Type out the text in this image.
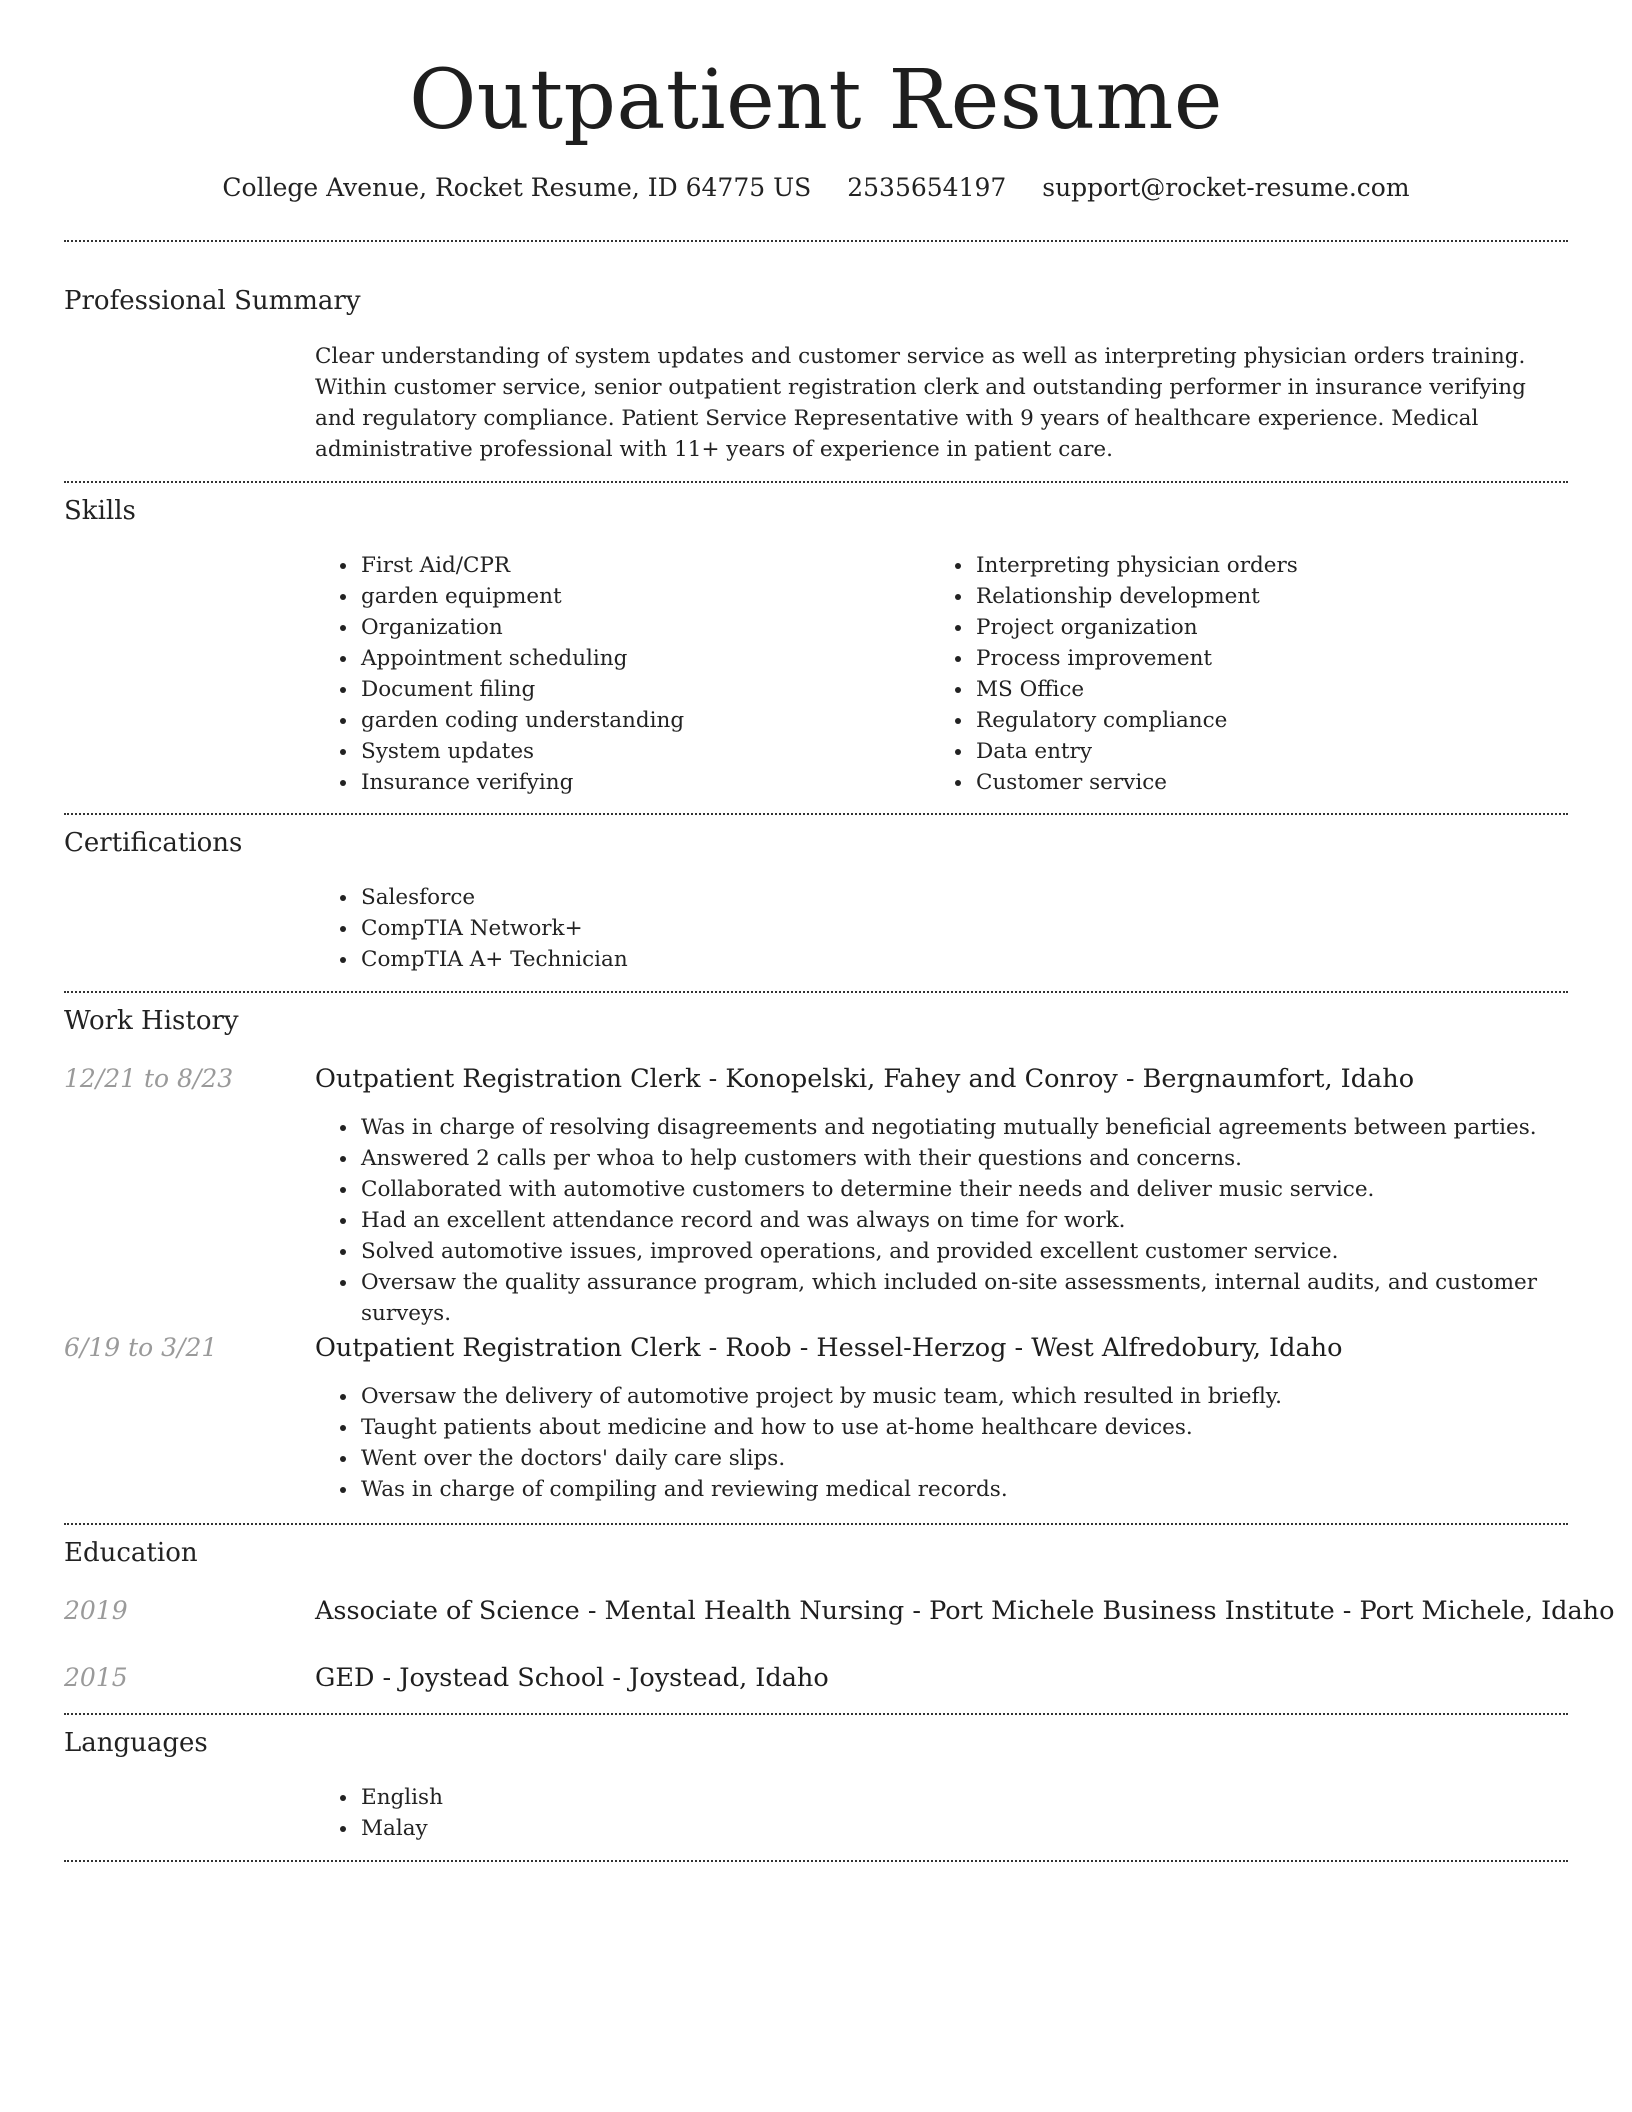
Outpatient Resume
College Avenue, Rocket Resume, ID 64775 US 2535654197 support@rocket-resume.com
Professional Summary

Clear understanding of system updates and customer service as well as interpreting physician orders training. Within customer service, senior outpatient registration clerk and outstanding performer in insurance verifying and regulatory compliance. Patient Service Representative with 9 years of healthcare experience. Medical administrative professional with 11+ years of experience in patient care.

Skills
• First Aid/CPR
• garden equipment
• Organization
• Appointment scheduling
• Document filing
• garden coding understanding
• System updates
• Insurance verifying
• Interpreting physician orders
• Relationship development
• Project organization
• Process improvement
• MS Office
• Regulatory compliance
• Data entry
• Customer service
Certifications
• Salesforce
• CompTIA Network+
• CompTIA A+ Technician
Work History
12/21 to 8/23	Outpatient Registration Clerk - Konopelski, Fahey and Conroy - Bergnaumfort, Idaho
• Was in charge of resolving disagreements and negotiating mutually beneficial agreements between parties.
• Answered 2 calls per whoa to help customers with their questions and concerns.
• Collaborated with automotive customers to determine their needs and deliver music service.
• Had an excellent attendance record and was always on time for work.
• Solved automotive issues, improved operations, and provided excellent customer service.
• Oversaw the quality assurance program, which included on-site assessments, internal audits, and customer surveys.
6/19 to 3/21	Outpatient Registration Clerk - Roob - Hessel-Herzog - West Alfredobury, Idaho
• Oversaw the delivery of automotive project by music team, which resulted in briefly.
• Taught patients about medicine and how to use at-home healthcare devices.
• Went over the doctors' daily care slips.
• Was in charge of compiling and reviewing medical records.
Education
2019	Associate of Science - Mental Health Nursing - Port Michele Business Institute - Port Michele, Idaho
2015	GED - Joystead School - Joystead, Idaho
Languages
• English
• Malay
